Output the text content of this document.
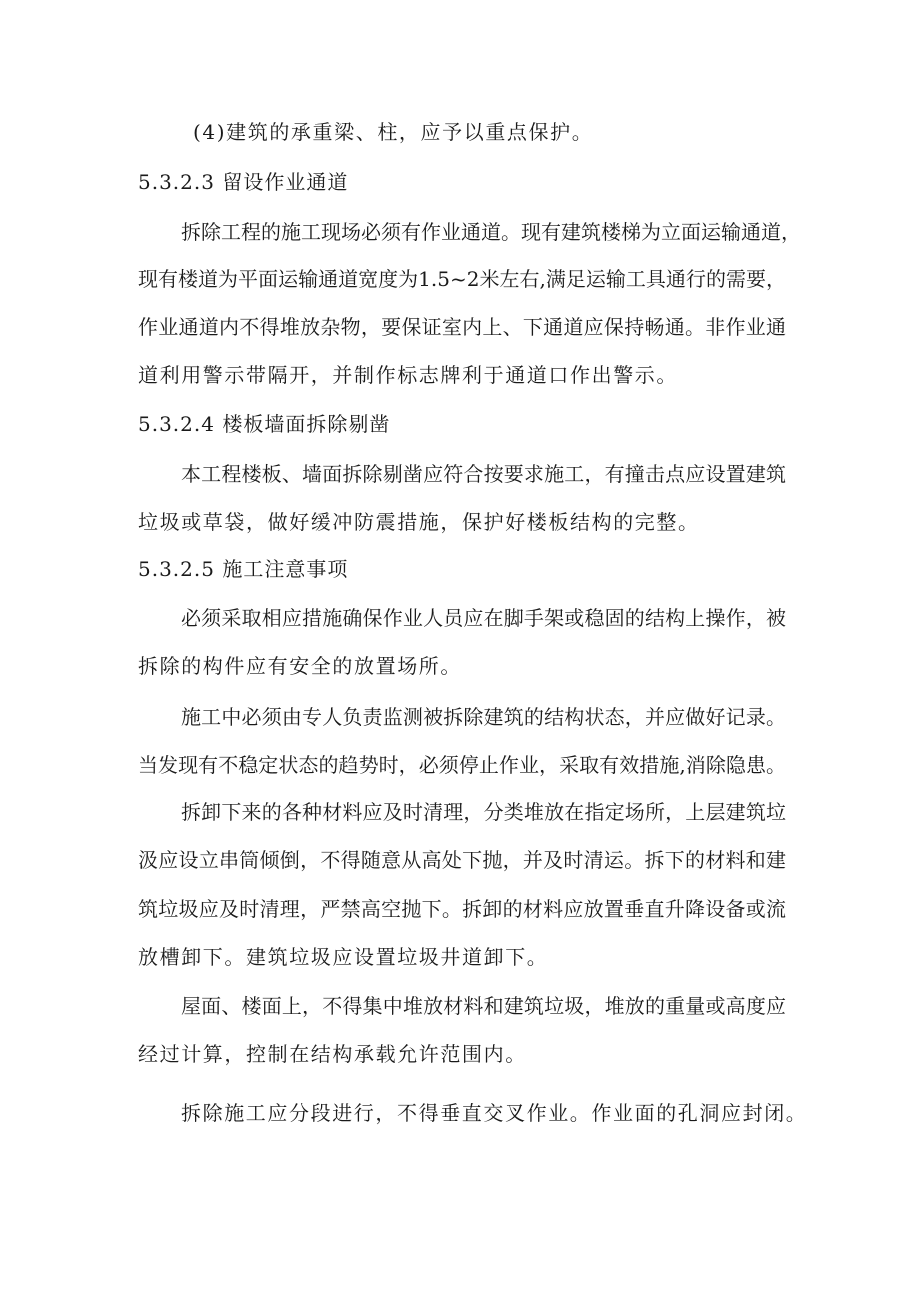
(4)建筑的承重梁、柱，应予以重点保护。
5.3.2.3 留设作业通道
拆除工程的施工现场必须有作业通道。现有建筑楼梯为立面运输通道，
现有楼道为平面运输通道宽度为1.5~2米左右,满足运输工具通行的需要，
作业通道内不得堆放杂物，要保证室内上、下通道应保持畅通。非作业通
道利用警示带隔开，并制作标志牌利于通道口作出警示。
5.3.2.4 楼板墙面拆除剔凿
本工程楼板、墙面拆除剔凿应符合按要求施工，有撞击点应设置建筑
垃圾或草袋，做好缓冲防震措施，保护好楼板结构的完整。
5.3.2.5 施工注意事项
必须采取相应措施确保作业人员应在脚手架或稳固的结构上操作，被
拆除的构件应有安全的放置场所。
施工中必须由专人负责监测被拆除建筑的结构状态，并应做好记录。
当发现有不稳定状态的趋势时，必须停止作业，采取有效措施,消除隐患。
拆卸下来的各种材料应及时清理，分类堆放在指定场所，上层建筑垃
汲应设立串筒倾倒，不得随意从高处下抛，并及时清运。拆下的材料和建
筑垃圾应及时清理，严禁高空抛下。拆卸的材料应放置垂直升降设备或流
放槽卸下。建筑垃圾应设置垃圾井道卸下。
屋面、楼面上，不得集中堆放材料和建筑垃圾，堆放的重量或高度应
经过计算，控制在结构承载允许范围内。
拆除施工应分段进行，不得垂直交叉作业。作业面的孔洞应封闭。
